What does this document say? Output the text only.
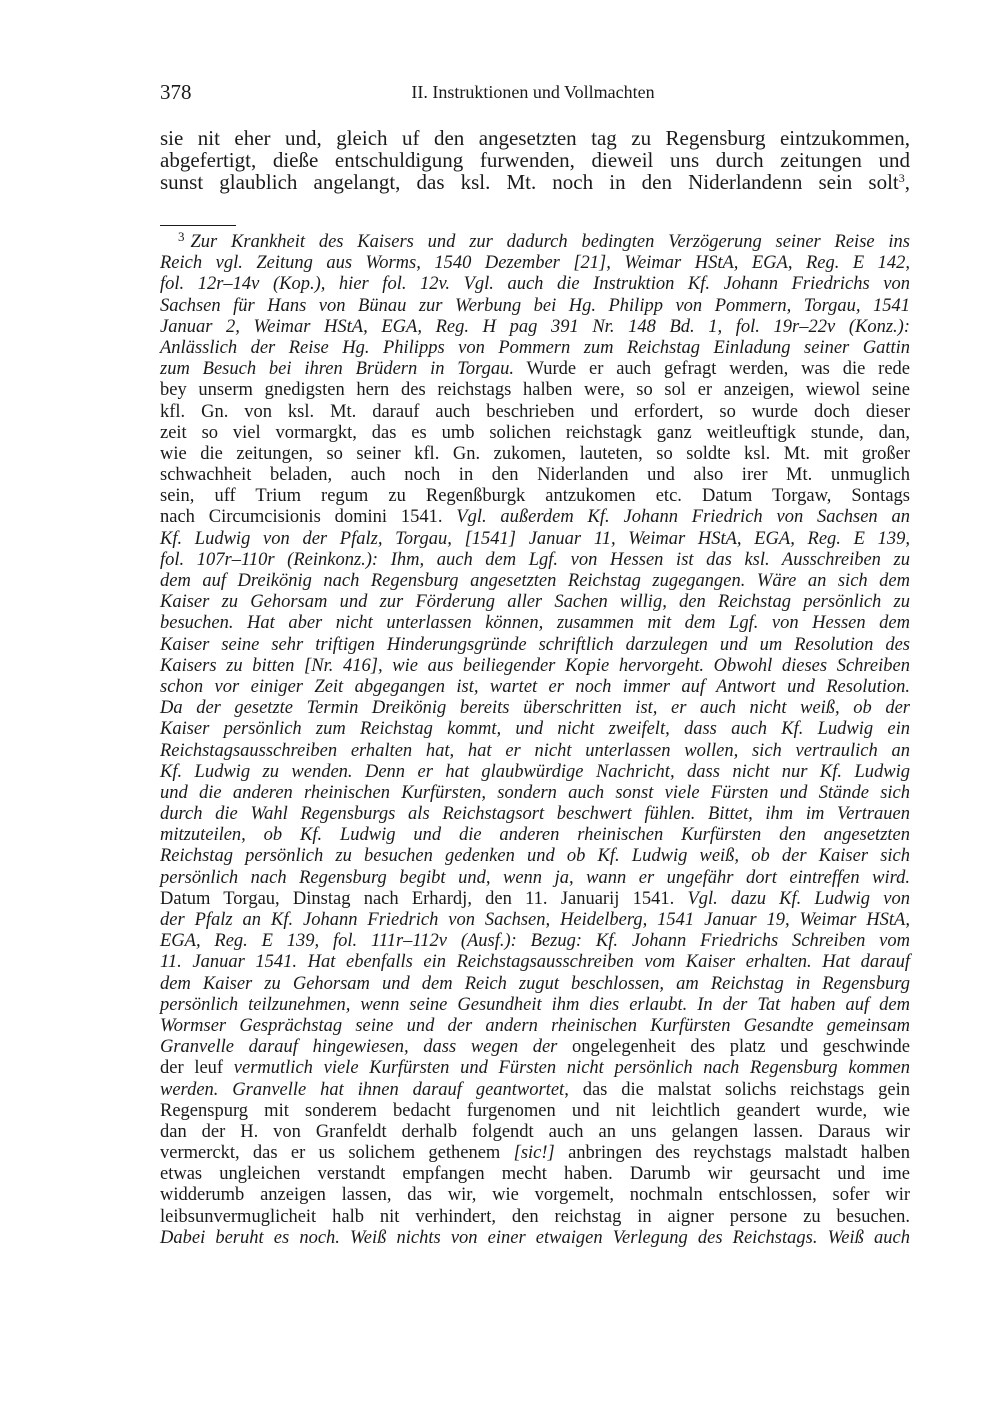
378	II. Instruktionen und Vollmachten
sie nit eher und, gleich uf den angesetzten tag zu Regensburg eintzukommen,
abgefertigt, dieße entschuldigung furwenden, dieweil uns durch zeitungen und
sunst glaublich angelangt, das ksl. Mt. noch in den Niderlandenn sein solt$^3$,
$^3$ Zur Krankheit des Kaisers und zur dadurch bedingten Verzögerung seiner Reise ins
Reich vgl. Zeitung aus Worms, 1540 Dezember [21], Weimar HStA, EGA, Reg. E 142,
fol. 12r–14v (Kop.), hier fol. 12v. Vgl. auch die Instruktion Kf. Johann Friedrichs von
Sachsen für Hans von Bünau zur Werbung bei Hg. Philipp von Pommern, Torgau, 1541
Januar 2, Weimar HStA, EGA, Reg. H pag 391 Nr. 148 Bd. 1, fol. 19r–22v (Konz.):
Anlässlich der Reise Hg. Philipps von Pommern zum Reichstag Einladung seiner Gattin
zum Besuch bei ihren Brüdern in Torgau. Wurde er auch gefragt werden, was die rede
bey unserm gnedigsten hern des reichstags halben were, so sol er anzeigen, wiewol seine
kfl. Gn. von ksl. Mt. darauf auch beschrieben und erfordert, so wurde doch dieser
zeit so viel vormargkt, das es umb solichen reichstagk ganz weitleuftigk stunde, dan,
wie die zeitungen, so seiner kfl. Gn. zukomen, lauteten, so soldte ksl. Mt. mit großer
schwachheit beladen, auch noch in den Niderlanden und also irer Mt. unmuglich
sein, uff Trium regum zu Regenßburgk antzukomen etc. Datum Torgaw, Sontags
nach Circumcisionis domini 1541. Vgl. außerdem Kf. Johann Friedrich von Sachsen an
Kf. Ludwig von der Pfalz, Torgau, [1541] Januar 11, Weimar HStA, EGA, Reg. E 139,
fol. 107r–110r (Reinkonz.): Ihm, auch dem Lgf. von Hessen ist das ksl. Ausschreiben zu
dem auf Dreikönig nach Regensburg angesetzten Reichstag zugegangen. Wäre an sich dem
Kaiser zu Gehorsam und zur Förderung aller Sachen willig, den Reichstag persönlich zu
besuchen. Hat aber nicht unterlassen können, zusammen mit dem Lgf. von Hessen dem
Kaiser seine sehr triftigen Hinderungsgründe schriftlich darzulegen und um Resolution des
Kaisers zu bitten [Nr. 416], wie aus beiliegender Kopie hervorgeht. Obwohl dieses Schreiben
schon vor einiger Zeit abgegangen ist, wartet er noch immer auf Antwort und Resolution.
Da der gesetzte Termin Dreikönig bereits überschritten ist, er auch nicht weiß, ob der
Kaiser persönlich zum Reichstag kommt, und nicht zweifelt, dass auch Kf. Ludwig ein
Reichstagsausschreiben erhalten hat, hat er nicht unterlassen wollen, sich vertraulich an
Kf. Ludwig zu wenden. Denn er hat glaubwürdige Nachricht, dass nicht nur Kf. Ludwig
und die anderen rheinischen Kurfürsten, sondern auch sonst viele Fürsten und Stände sich
durch die Wahl Regensburgs als Reichstagsort beschwert fühlen. Bittet, ihm im Vertrauen
mitzuteilen, ob Kf. Ludwig und die anderen rheinischen Kurfürsten den angesetzten
Reichstag persönlich zu besuchen gedenken und ob Kf. Ludwig weiß, ob der Kaiser sich
persönlich nach Regensburg begibt und, wenn ja, wann er ungefähr dort eintreffen wird.
Datum Torgau, Dinstag nach Erhardj, den 11. Januarij 1541. Vgl. dazu Kf. Ludwig von
der Pfalz an Kf. Johann Friedrich von Sachsen, Heidelberg, 1541 Januar 19, Weimar HStA,
EGA, Reg. E 139, fol. 111r–112v (Ausf.): Bezug: Kf. Johann Friedrichs Schreiben vom
11. Januar 1541. Hat ebenfalls ein Reichstagsausschreiben vom Kaiser erhalten. Hat darauf
dem Kaiser zu Gehorsam und dem Reich zugut beschlossen, am Reichstag in Regensburg
persönlich teilzunehmen, wenn seine Gesundheit ihm dies erlaubt. In der Tat haben auf dem
Wormser Gesprächstag seine und der andern rheinischen Kurfürsten Gesandte gemeinsam
Granvelle darauf hingewiesen, dass wegen der ongelegenheit des platz und geschwinde
der leuf vermutlich viele Kurfürsten und Fürsten nicht persönlich nach Regensburg kommen
werden. Granvelle hat ihnen darauf geantwortet, das die malstat solichs reichstags gein
Regenspurg mit sonderem bedacht furgenomen und nit leichtlich geandert wurde, wie
dan der H. von Granfeldt derhalb folgendt auch an uns gelangen lassen. Daraus wir
vermerckt, das er us solichem gethenem [sic!] anbringen des reychstags malstadt halben
etwas ungleichen verstandt empfangen mecht haben. Darumb wir geursacht und ime
widderumb anzeigen lassen, das wir, wie vorgemelt, nochmaln entschlossen, sofer wir
leibsunvermuglicheit halb nit verhindert, den reichstag in aigner persone zu besuchen.
Dabei beruht es noch. Weiß nichts von einer etwaigen Verlegung des Reichstags. Weiß auch
